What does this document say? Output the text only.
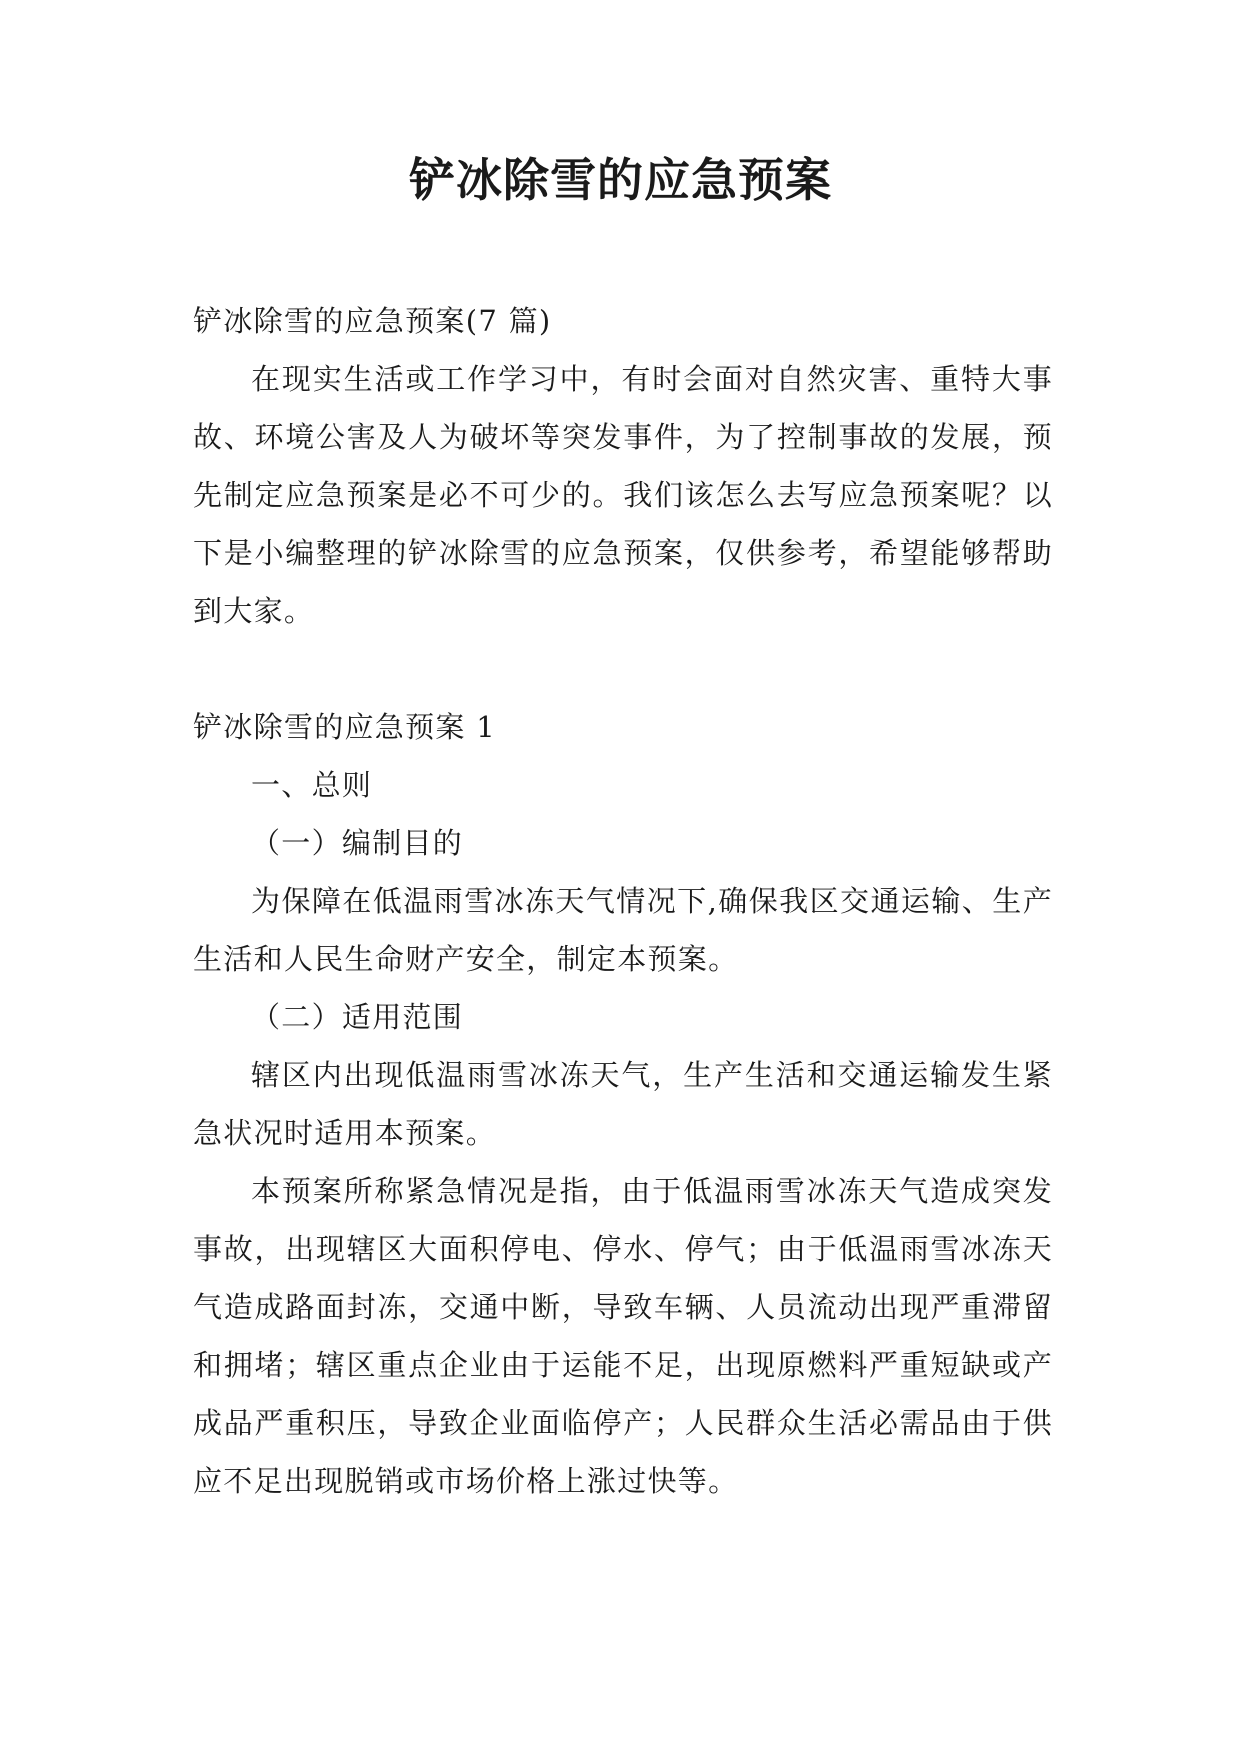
铲冰除雪的应急预案

铲冰除雪的应急预案(7 篇)

在现实生活或工作学习中，有时会面对自然灾害、重特大事故、环境公害及人为破坏等突发事件，为了控制事故的发展，预先制定应急预案是必不可少的。我们该怎么去写应急预案呢？以下是小编整理的铲冰除雪的应急预案，仅供参考，希望能够帮助到大家。

铲冰除雪的应急预案 1

一、总则

（一）编制目的

为保障在低温雨雪冰冻天气情况下,确保我区交通运输、生产生活和人民生命财产安全，制定本预案。

（二）适用范围

辖区内出现低温雨雪冰冻天气，生产生活和交通运输发生紧急状况时适用本预案。

本预案所称紧急情况是指，由于低温雨雪冰冻天气造成突发事故，出现辖区大面积停电、停水、停气；由于低温雨雪冰冻天气造成路面封冻，交通中断，导致车辆、人员流动出现严重滞留和拥堵；辖区重点企业由于运能不足，出现原燃料严重短缺或产成品严重积压，导致企业面临停产；人民群众生活必需品由于供应不足出现脱销或市场价格上涨过快等。
